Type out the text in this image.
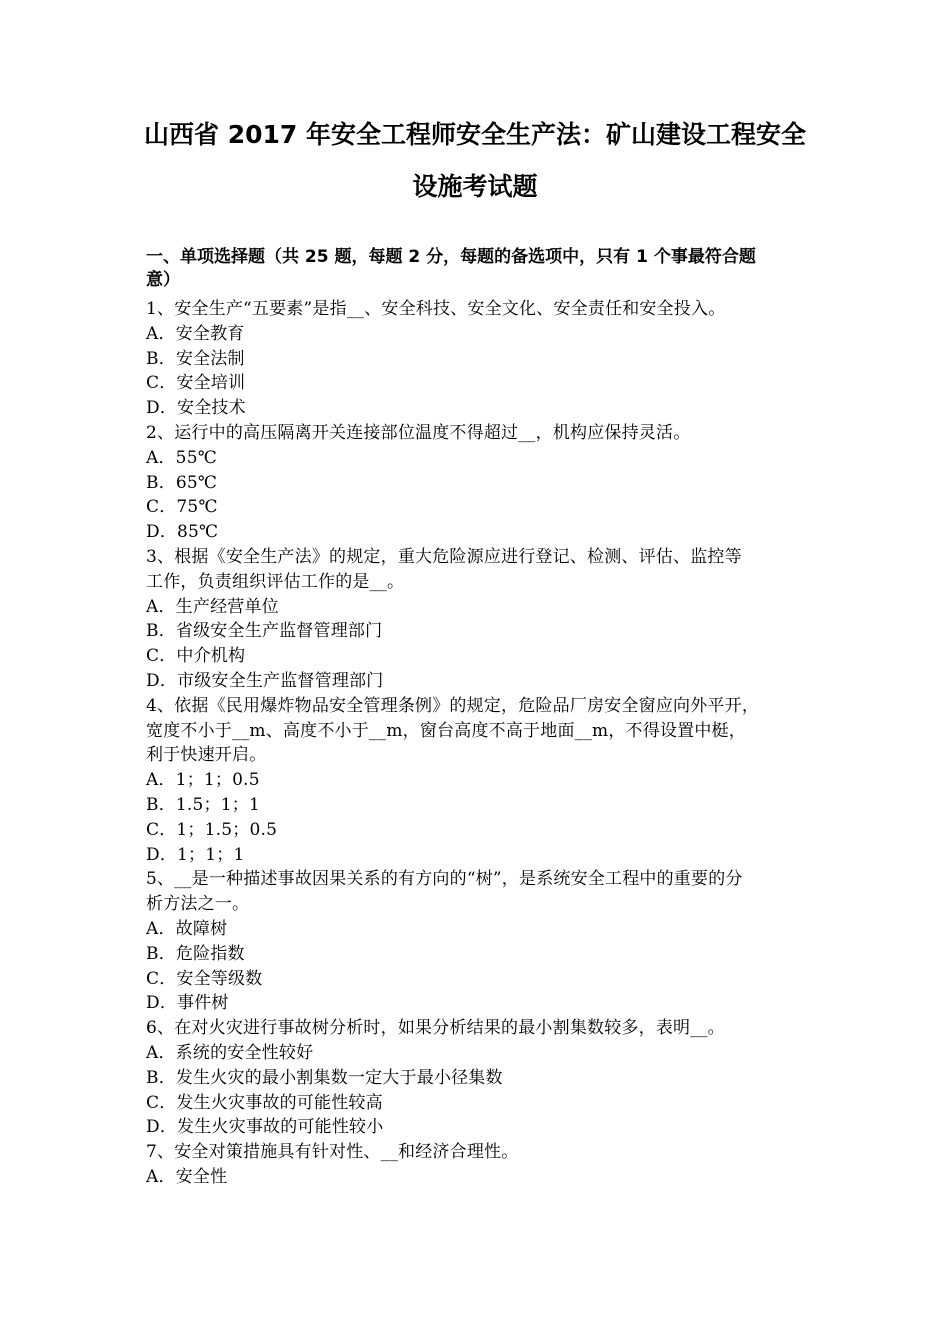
山西省 2017 年安全工程师安全生产法：矿山建设工程安全
设施考试题
一、单项选择题（共 25 题，每题 2 分，每题的备选项中，只有 1 个事最符合题
意）
1、安全生产“五要素”是指__、安全科技、安全文化、安全责任和安全投入。
A．安全教育
B．安全法制
C．安全培训
D．安全技术
2、运行中的高压隔离开关连接部位温度不得超过__，机构应保持灵活。
A．55℃
B．65℃
C．75℃
D．85℃
3、根据《安全生产法》的规定，重大危险源应进行登记、检测、评估、监控等
工作，负责组织评估工作的是__。
A．生产经营单位
B．省级安全生产监督管理部门
C．中介机构
D．市级安全生产监督管理部门
4、依据《民用爆炸物品安全管理条例》的规定，危险品厂房安全窗应向外平开，
宽度不小于__m、高度不小于__m，窗台高度不高于地面__m，不得设置中梃，
利于快速开启。
A．1；1；0.5
B．1.5；1；1
C．1；1.5；0.5
D．1；1；1
5、__是一种描述事故因果关系的有方向的“树”，是系统安全工程中的重要的分
析方法之一。
A．故障树
B．危险指数
C．安全等级数
D．事件树
6、在对火灾进行事故树分析时，如果分析结果的最小割集数较多，表明__。
A．系统的安全性较好
B．发生火灾的最小割集数一定大于最小径集数
C．发生火灾事故的可能性较高
D．发生火灾事故的可能性较小
7、安全对策措施具有针对性、__和经济合理性。
A．安全性
